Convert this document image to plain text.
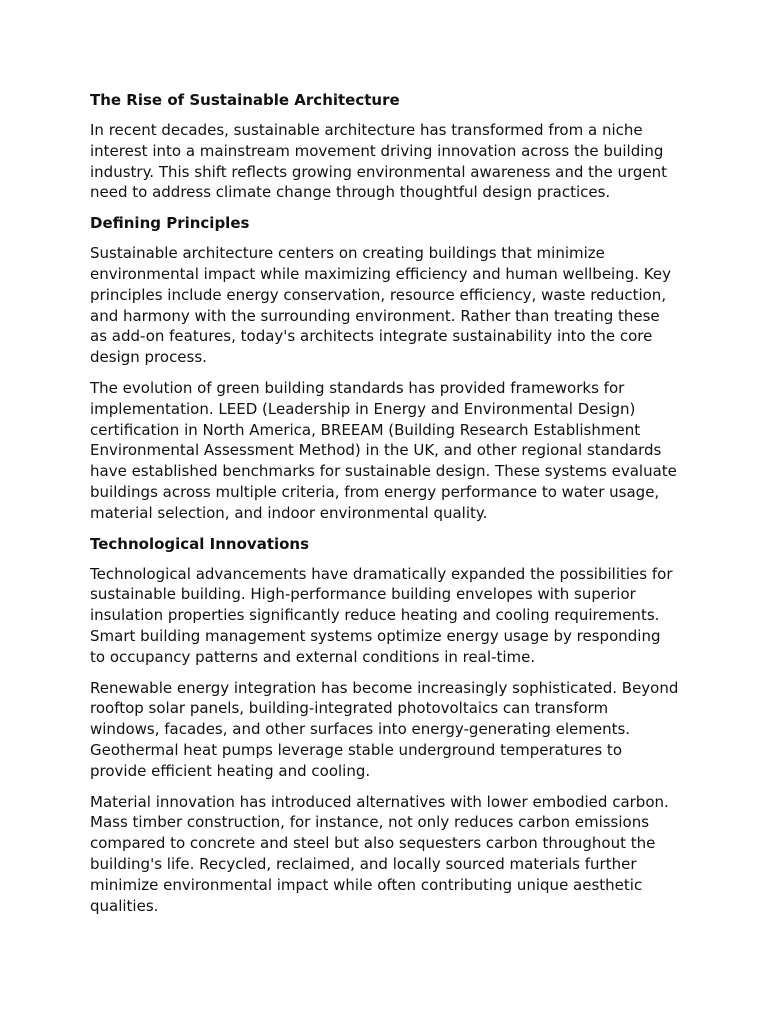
The Rise of Sustainable Architecture

In recent decades, sustainable architecture has transformed from a niche interest into a mainstream movement driving innovation across the building industry. This shift reflects growing environmental awareness and the urgent need to address climate change through thoughtful design practices.

Defining Principles

Sustainable architecture centers on creating buildings that minimize environmental impact while maximizing efficiency and human wellbeing. Key principles include energy conservation, resource efficiency, waste reduction, and harmony with the surrounding environment. Rather than treating these as add-on features, today's architects integrate sustainability into the core design process.

The evolution of green building standards has provided frameworks for implementation. LEED (Leadership in Energy and Environmental Design) certification in North America, BREEAM (Building Research Establishment Environmental Assessment Method) in the UK, and other regional standards have established benchmarks for sustainable design. These systems evaluate buildings across multiple criteria, from energy performance to water usage, material selection, and indoor environmental quality.

Technological Innovations

Technological advancements have dramatically expanded the possibilities for sustainable building. High-performance building envelopes with superior insulation properties significantly reduce heating and cooling requirements. Smart building management systems optimize energy usage by responding to occupancy patterns and external conditions in real-time.

Renewable energy integration has become increasingly sophisticated. Beyond rooftop solar panels, building-integrated photovoltaics can transform windows, facades, and other surfaces into energy-generating elements. Geothermal heat pumps leverage stable underground temperatures to provide efficient heating and cooling.

Material innovation has introduced alternatives with lower embodied carbon. Mass timber construction, for instance, not only reduces carbon emissions compared to concrete and steel but also sequesters carbon throughout the building's life. Recycled, reclaimed, and locally sourced materials further minimize environmental impact while often contributing unique aesthetic qualities.
